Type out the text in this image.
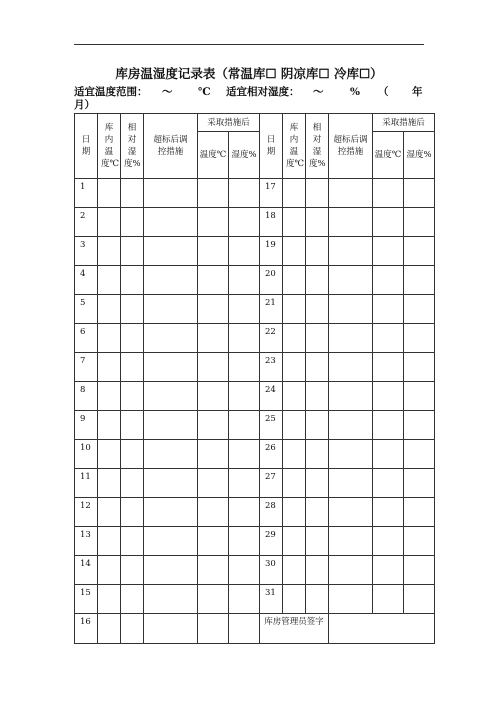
库房温湿度记录表（常温库☐ 阴凉库☐ 冷库☐）
适宜温度范围： ～ ℃ 适宜相对湿度： ～	% （ 年
月）
日期	库内温度℃	相对湿度%	超标后调控措施	采取措施后		日期	库内温度℃	相对湿度%	超标后调控措施	采取措施后	
				温度℃	湿度%					温度℃	湿度%
1						17					
2						18					
3						19					
4						20					
5						21					
6						22					
7						23					
8						24					
9						25					
10						26					
11						27					
12						28					
13						29					
14						30					
15						31					
16						库房管理员签字					
